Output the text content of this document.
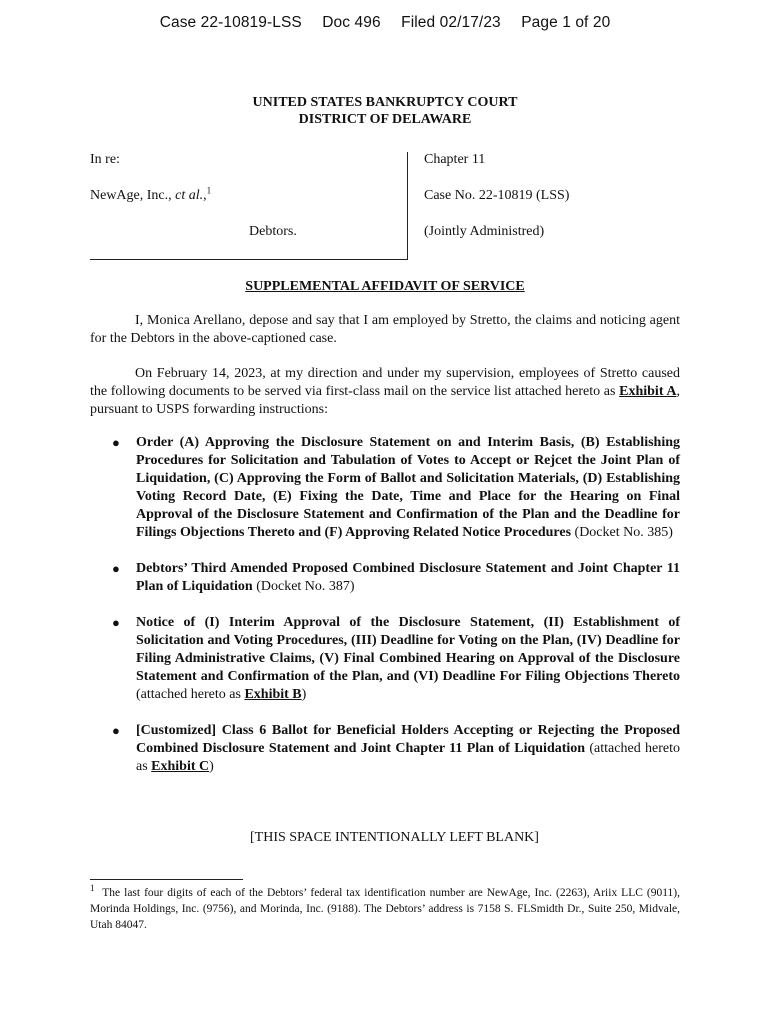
Case 22-10819-LSS Doc 496 Filed 02/17/23 Page 1 of 20
UNITED STATES BANKRUPTCY COURT
DISTRICT OF DELAWARE
In re:
NewAge, Inc., ct al.,$^1$
Debtors.
Chapter 11
Case No. 22-10819 (LSS)
(Jointly Administred)
SUPPLEMENTAL AFFIDAVIT OF SERVICE

I, Monica Arellano, depose and say that I am employed by Stretto, the claims and noticing agent for the Debtors in the above-captioned case.

On February 14, 2023, at my direction and under my supervision, employees of Stretto caused the following documents to be served via first-class mail on the service list attached hereto as Exhibit A, pursuant to USPS forwarding instructions:

● Order (A) Approving the Disclosure Statement on and Interim Basis, (B) Establishing Procedures for Solicitation and Tabulation of Votes to Accept or Rejcet the Joint Plan of Liquidation, (C) Approving the Form of Ballot and Solicitation Materials, (D) Establishing Voting Record Date, (E) Fixing the Date, Time and Place for the Hearing on Final Approval of the Disclosure Statement and Confirmation of the Plan and the Deadline for Filings Objections Thereto and (F) Approving Related Notice Procedures (Docket No. 385)
● Debtors’ Third Amended Proposed Combined Disclosure Statement and Joint Chapter 11 Plan of Liquidation (Docket No. 387)
● Notice of (I) Interim Approval of the Disclosure Statement, (II) Establishment of Solicitation and Voting Procedures, (III) Deadline for Voting on the Plan, (IV) Deadline for Filing Administrative Claims, (V) Final Combined Hearing on Approval of the Disclosure Statement and Confirmation of the Plan, and (VI) Deadline For Filing Objections Thereto (attached hereto as Exhibit B)
● [Customized] Class 6 Ballot for Beneficial Holders Accepting or Rejecting the Proposed Combined Disclosure Statement and Joint Chapter 11 Plan of Liquidation (attached hereto as Exhibit C)
[THIS SPACE INTENTIONALLY LEFT BLANK]
$^1$ The last four digits of each of the Debtors’ federal tax identification number are NewAge, Inc. (2263), Ariix LLC (9011), Morinda Holdings, Inc. (9756), and Morinda, Inc. (9188). The Debtors’ address is 7158 S. FLSmidth Dr., Suite 250, Midvale, Utah 84047.
